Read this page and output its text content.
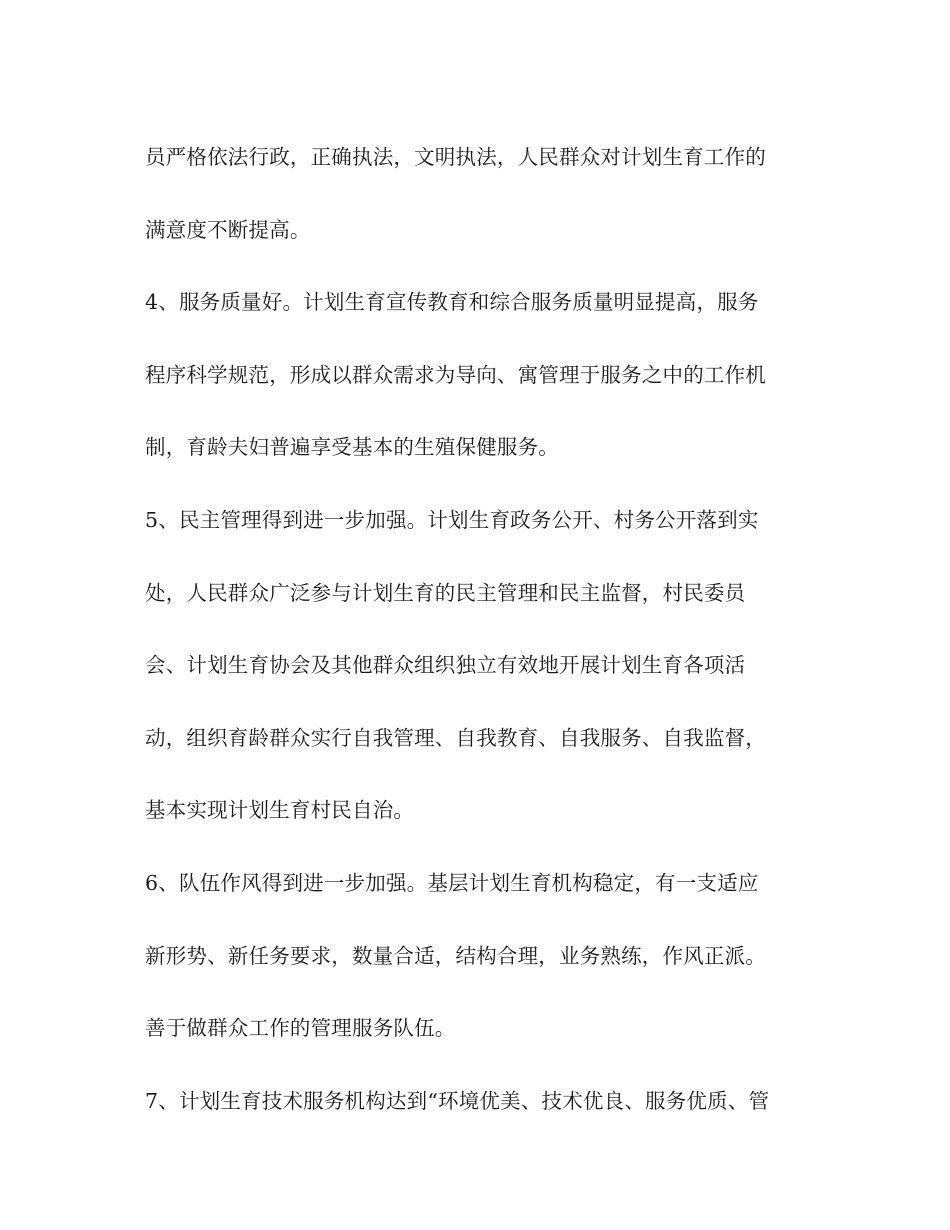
员严格依法行政，正确执法，文明执法，人民群众对计划生育工作的
满意度不断提高。
4、服务质量好。计划生育宣传教育和综合服务质量明显提高，服务
程序科学规范，形成以群众需求为导向、寓管理于服务之中的工作机
制，育龄夫妇普遍享受基本的生殖保健服务。
5、民主管理得到进一步加强。计划生育政务公开、村务公开落到实
处，人民群众广泛参与计划生育的民主管理和民主监督，村民委员
会、计划生育协会及其他群众组织独立有效地开展计划生育各项活
动，组织育龄群众实行自我管理、自我教育、自我服务、自我监督，
基本实现计划生育村民自治。
6、队伍作风得到进一步加强。基层计划生育机构稳定，有一支适应
新形势、新任务要求，数量合适，结构合理，业务熟练，作风正派。
善于做群众工作的管理服务队伍。
7、计划生育技术服务机构达到“环境优美、技术优良、服务优质、管
